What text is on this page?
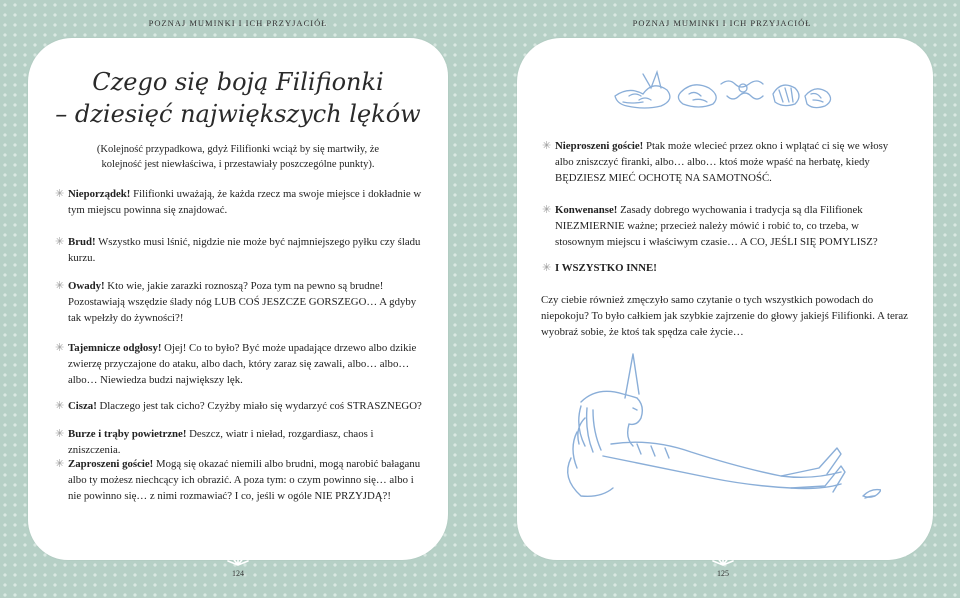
POZNAJ MUMINKI I ICH PRZYJACIÓŁ	POZNAJ MUMINKI I ICH PRZYJACIÓŁ
Czego się boją Filifionki
– dziesięć największych lęków
(Kolejność przypadkowa, gdyż Filifionki wciąż by się martwiły, że kolejność jest niewłaściwa, i przestawiały poszczególne punkty).
✳ Nieporządek! Filifionki uważają, że każda rzecz ma swoje miejsce i dokładnie w tym miejscu powinna się znajdować.
✳ Brud! Wszystko musi lśnić, nigdzie nie może być najmniejszego pyłku czy śladu kurzu.
✳ Owady! Kto wie, jakie zarazki roznoszą? Poza tym na pewno są brudne! Pozostawiają wszędzie ślady nóg LUB COŚ JESZCZE GORSZEGO… A gdyby tak wpełzły do żywności?!
✳ Tajemnicze odgłosy! Ojej! Co to było? Być może upadające drzewo albo dzikie zwierzę przyczajone do ataku, albo dach, który zaraz się zawali, albo… albo… albo… Niewiedza budzi największy lęk.
✳ Cisza! Dlaczego jest tak cicho? Czyżby miało się wydarzyć coś STRASZNEGO?
✳ Burze i trąby powietrzne! Deszcz, wiatr i nieład, rozgardiasz, chaos i zniszczenia.
✳ Zaproszeni goście! Mogą się okazać niemili albo brudni, mogą narobić bałaganu albo ty możesz niechcący ich obrazić. A poza tym: o czym powinno się… albo i nie powinno się… z nimi rozmawiać? I co, jeśli w ogóle NIE PRZYJDĄ?!
✳ Nieproszeni goście! Ptak może wlecieć przez okno i wplątać ci się we włosy albo zniszczyć firanki, albo… albo… ktoś może wpaść na herbatę, kiedy BĘDZIESZ MIEĆ OCHOTĘ NA SAMOTNOŚĆ.
✳ Konwenanse! Zasady dobrego wychowania i tradycja są dla Filifionek NIEZMIERNIE ważne; przecież należy mówić i robić to, co trzeba, w stosownym miejscu i właściwym czasie… A CO, JEŚLI SIĘ POMYLISZ?
✳ I WSZYSTKO INNE!
Czy ciebie również zmęczyło samo czytanie o tych wszystkich powodach do niepokoju? To było całkiem jak szybkie zajrzenie do głowy jakiejś Filifionki. A teraz wyobraź sobie, że ktoś tak spędza całe życie…
124	125
